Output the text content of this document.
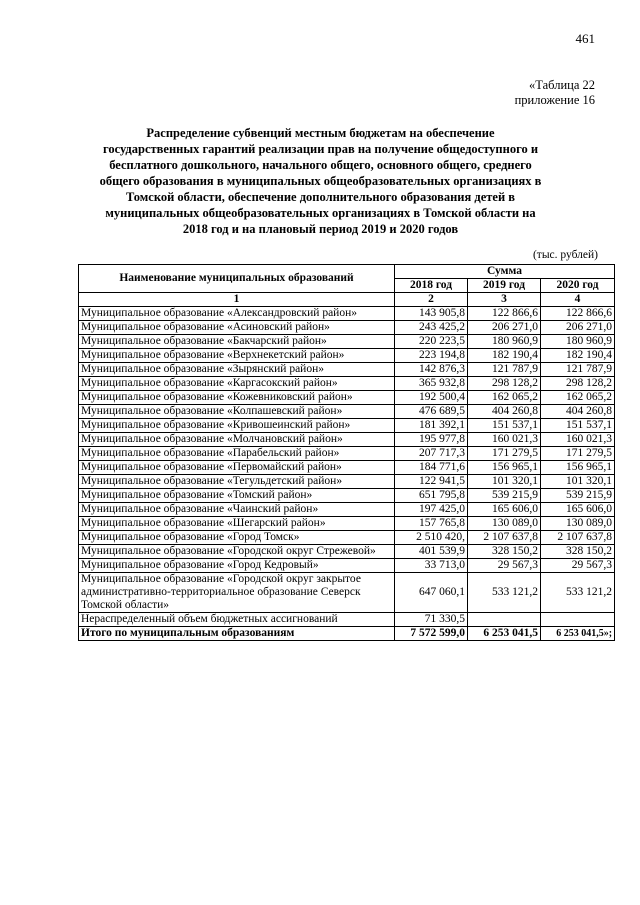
461
«Таблица 22
приложение 16
Распределение субвенций местным бюджетам на обеспечение
государственных гарантий реализации прав на получение общедоступного и
бесплатного дошкольного, начального общего, основного общего, среднего
общего образования в муниципальных общеобразовательных организациях в
Томской области, обеспечение дополнительного образования детей в
муниципальных общеобразовательных организациях в Томской области на
2018 год и на плановый период 2019 и 2020 годов
(тыс. рублей)
Наименование муниципальных образований	Сумма		
	2018 год	2019 год	2020 год
1	2	3	4
Муниципальное образование «Александровский район»	143 905,8	122 866,6	122 866,6
Муниципальное образование «Асиновский район»	243 425,2	206 271,0	206 271,0
Муниципальное образование «Бакчарский район»	220 223,5	180 960,9	180 960,9
Муниципальное образование «Верхнекетский район»	223 194,8	182 190,4	182 190,4
Муниципальное образование «Зырянский район»	142 876,3	121 787,9	121 787,9
Муниципальное образование «Каргасокский район»	365 932,8	298 128,2	298 128,2
Муниципальное образование «Кожевниковский район»	192 500,4	162 065,2	162 065,2
Муниципальное образование «Колпашевский район»	476 689,5	404 260,8	404 260,8
Муниципальное образование «Кривошеинский район»	181 392,1	151 537,1	151 537,1
Муниципальное образование «Молчановский район»	195 977,8	160 021,3	160 021,3
Муниципальное образование «Парабельский район»	207 717,3	171 279,5	171 279,5
Муниципальное образование «Первомайский район»	184 771,6	156 965,1	156 965,1
Муниципальное образование «Тегульдетский район»	122 941,5	101 320,1	101 320,1
Муниципальное образование «Томский район»	651 795,8	539 215,9	539 215,9
Муниципальное образование «Чаинский район»	197 425,0	165 606,0	165 606,0
Муниципальное образование «Шегарский район»	157 765,8	130 089,0	130 089,0
Муниципальное образование «Город Томск»	2 510 420,	2 107 637,8	2 107 637,8
Муниципальное образование «Городской округ Стрежевой»	401 539,9	328 150,2	328 150,2
Муниципальное образование «Город Кедровый»	33 713,0	29 567,3	29 567,3
Муниципальное образование «Городской округ закрытое административно-территориальное образование Северск Томской области»	647 060,1	533 121,2	533 121,2
Нераспределенный объем бюджетных ассигнований	71 330,5		
Итого по муниципальным образованиям	7 572 599,0	6 253 041,5	6 253 041,5»;
